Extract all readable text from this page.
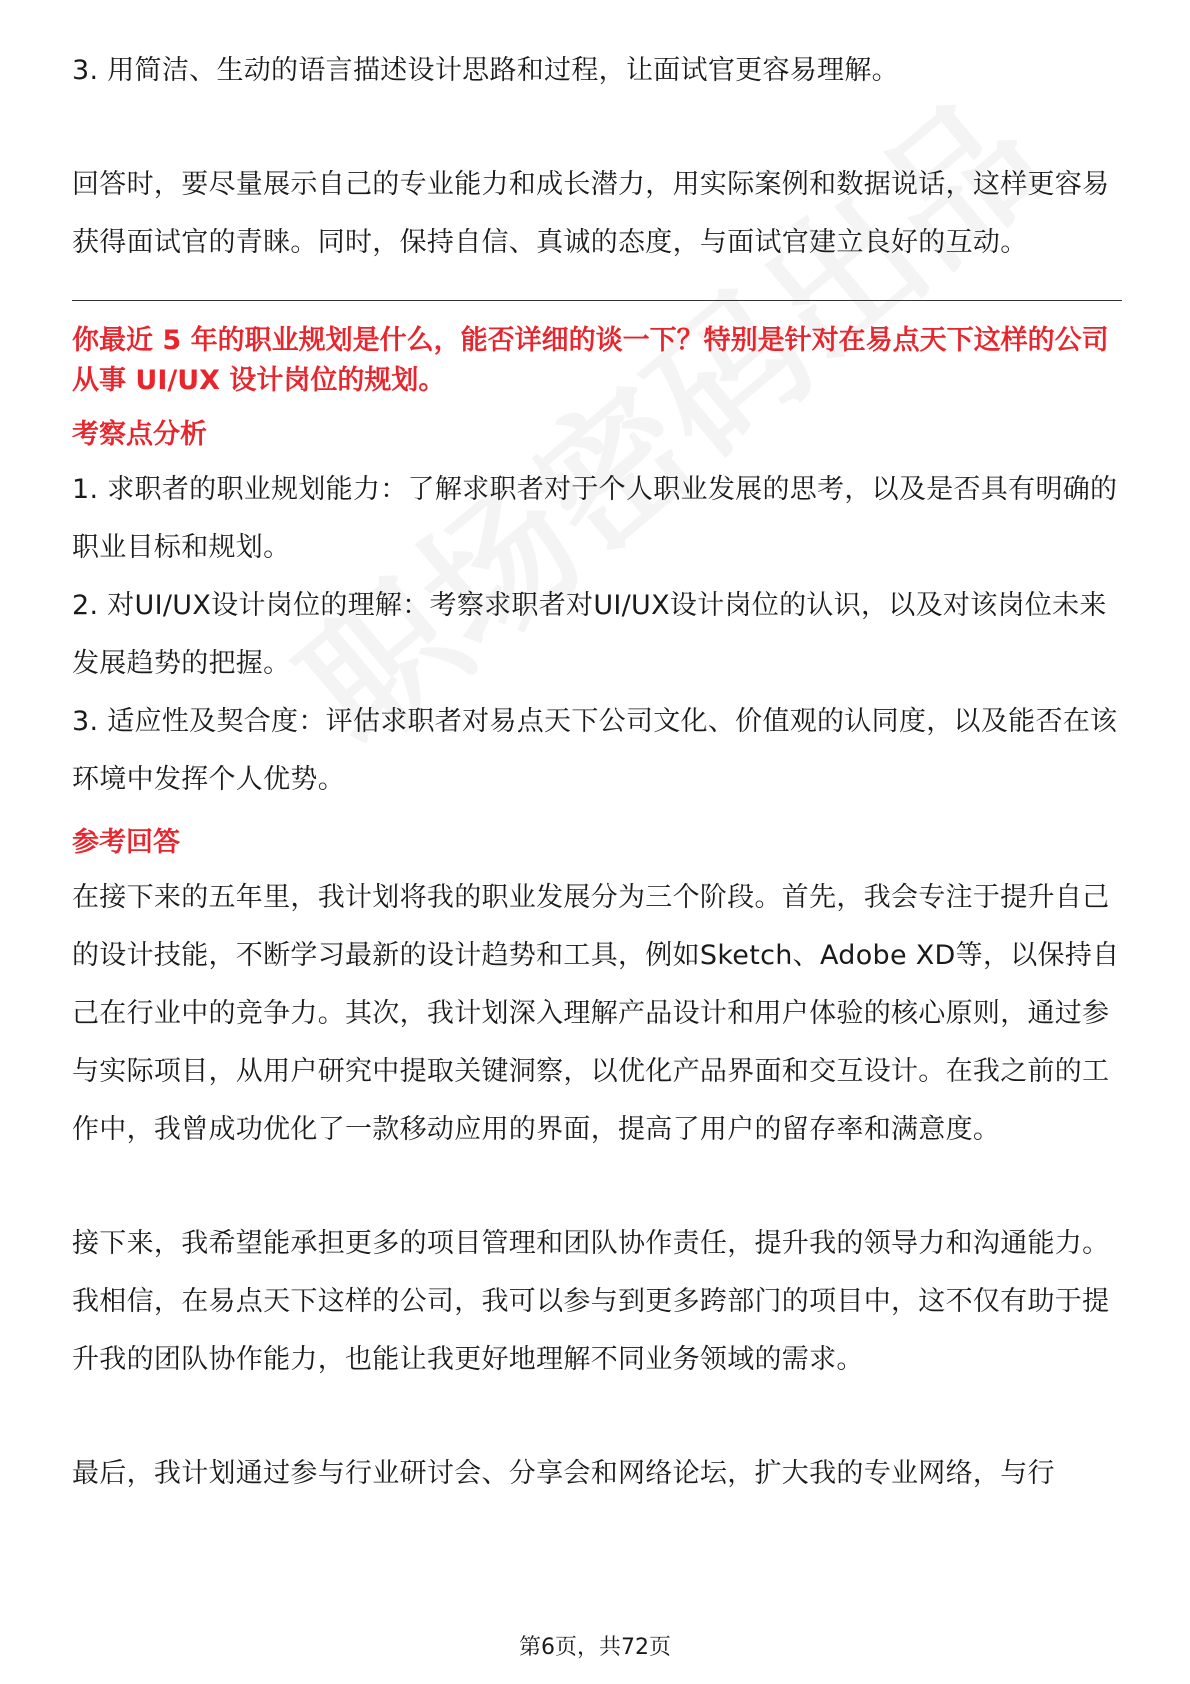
3. 用简洁、生动的语言描述设计思路和过程，让面试官更容易理解。

回答时，要尽量展示自己的专业能力和成长潜力，用实际案例和数据说话，这样更容易获得面试官的青睐。同时，保持自信、真诚的态度，与面试官建立良好的互动。

你最近 5 年的职业规划是什么，能否详细的谈一下？特别是针对在易点天下这样的公司从事 UI/UX 设计岗位的规划。

考察点分析

1. 求职者的职业规划能力：了解求职者对于个人职业发展的思考，以及是否具有明确的职业目标和规划。

2. 对UI/UX设计岗位的理解：考察求职者对UI/UX设计岗位的认识，以及对该岗位未来发展趋势的把握。

3. 适应性及契合度：评估求职者对易点天下公司文化、价值观的认同度，以及能否在该环境中发挥个人优势。

参考回答

在接下来的五年里，我计划将我的职业发展分为三个阶段。首先，我会专注于提升自己的设计技能，不断学习最新的设计趋势和工具，例如Sketch、Adobe XD等，以保持自己在行业中的竞争力。其次，我计划深入理解产品设计和用户体验的核心原则，通过参与实际项目，从用户研究中提取关键洞察，以优化产品界面和交互设计。在我之前的工作中，我曾成功优化了一款移动应用的界面，提高了用户的留存率和满意度。

接下来，我希望能承担更多的项目管理和团队协作责任，提升我的领导力和沟通能力。我相信，在易点天下这样的公司，我可以参与到更多跨部门的项目中，这不仅有助于提升我的团队协作能力，也能让我更好地理解不同业务领域的需求。

最后，我计划通过参与行业研讨会、分享会和网络论坛，扩大我的专业网络，与行

第6页，共72页
